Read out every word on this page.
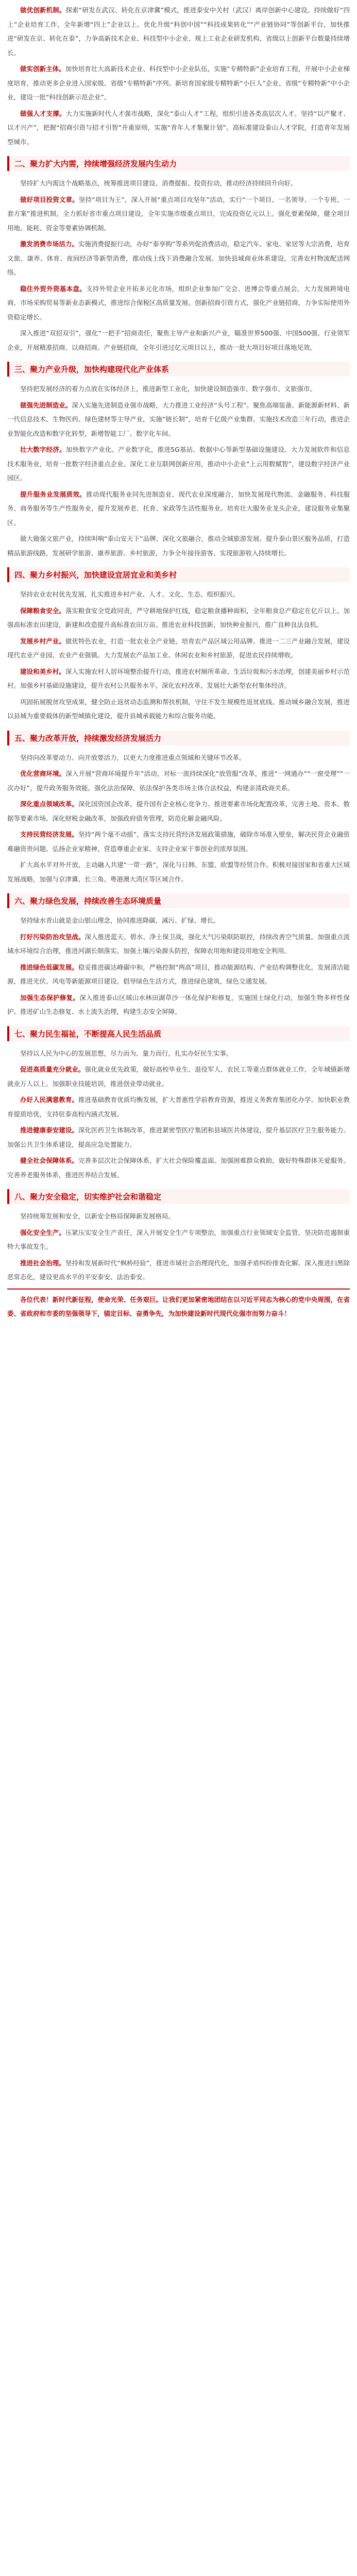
做优创新机制。探索“研发在武汉、转化在京津冀”模式，推进泰安中关村（武汉）离岸创新中心建设。持续做好“四上”企业培育工作，全年新增“四上”企业以上。优化升级“科创中国”“科技成果转化”“产业链协同”等创新平台，加快推进“研发在京、转化在泰”，力争高新技术企业、科技型中小企业、规上工业企业研发机构、省级以上创新平台数量持续增长。

做实创新主体。加快培育壮大高新技术企业、科技型中小企业队伍，实施“专精特新”企业培育工程，开展中小企业梯度培育，推动更多企业进入国家级、省级“专精特新”序列。新培育国家级专精特新“小巨人”企业、省级“专精特新”中小企业，建设一批“科技创新示范企业”。

做强人才支撑。大力实施新时代人才强市战略，深化“泰山人才”工程，组织引进各类高层次人才。坚持“以产聚才、以才兴产”，把握“招商引资与招才引智”并重原则，实施“青年人才集聚计划”。高标准建设泰山人才学院，打造青年发展型城市。

二、聚力扩大内需，持续增强经济发展内生动力

坚持扩大内需这个战略基点，统筹推进项目建设、消费提振、投资拉动，推动经济持续回升向好。

做好项目投资文章。坚持“项目为王”，深入开展“重点项目攻坚年”活动，实行“一个项目、一名领导、一个专班、一套方案”推进机制，全力抓好省市重点项目建设，全年实施市级重点项目，完成投资亿元以上。强化要素保障，健全项目用地、能耗、资金等要素协调机制。

激发消费市场活力。实施消费提振行动，办好“泰享购”等系列促消费活动，稳定汽车、家电、家居等大宗消费，培育文旅、康养、体育、夜间经济等新型消费，推动线上线下消费融合发展。加快县域商业体系建设，完善农村物流配送网络。

稳住外贸外资基本盘。支持外贸企业开拓多元化市场，组织企业参加广交会、进博会等重点展会。大力发展跨境电商、市场采购贸易等新业态新模式，推进综合保税区高质量发展。创新招商引资方式，强化产业链招商，力争实际使用外资稳定增长。

深入推进“双招双引”，强化“一把手”招商责任，聚焦主导产业和新兴产业，瞄准世界500强、中国500强、行业领军企业，开展精准招商、以商招商、产业链招商，全年引进过亿元项目以上，推动一批大项目好项目落地见效。

三、聚力产业升级，加快构建现代化产业体系

坚持把发展经济的着力点放在实体经济上，推进新型工业化，加快建设制造强市、数字强市、文旅强市。

做强先进制造业。深入实施先进制造业强市战略，大力推进工业经济“头号工程”。聚焦高端装备、新能源新材料、新一代信息技术、生物医药、绿色建材等主导产业，实施“链长制”，培育千亿级产业集群。实施技术改造三年行动，推进企业智能化改造和数字化转型，新增智能工厂、数字化车间。

壮大数字经济。加快数字产业化、产业数字化，推进5G基站、数据中心等新型基础设施建设。大力发展软件和信息技术服务业，培育一批数字经济重点企业。深化工业互联网创新应用，推动中小企业“上云用数赋智”，建设数字经济产业园区。

提升服务业发展质效。推动现代服务业同先进制造业、现代农业深度融合，加快发展现代物流、金融服务、科技服务、商务服务等生产性服务业，提升发展养老、托育、家政等生活性服务业。培育壮大服务业龙头企业，建设服务业集聚区。

做大做强文旅产业，持续叫响“泰山安天下”品牌，深化文旅融合，推动全域旅游发展。提升泰山景区服务品质，打造精品旅游线路，发展研学旅游、康养旅游、乡村旅游，力争全年接待游客、实现旅游收入持续增长。

四、聚力乡村振兴，加快建设宜居宜业和美乡村

坚持农业农村优先发展，扎实推进乡村产业、人才、文化、生态、组织振兴。

保障粮食安全。落实粮食安全党政同责，严守耕地保护红线，稳定粮食播种面积，全年粮食总产稳定在亿斤以上。加强高标准农田建设，新建和改造提升高标准农田万亩。推进农业科技创新，加快种业振兴，推广良种良法良机。

发展乡村产业。做优特色农业，打造一批农业全产业链，培育农产品区域公用品牌。推进一二三产业融合发展，建设现代农业产业园、农业产业强镇。大力发展农产品加工业、休闲农业和乡村旅游，促进农民持续增收。

建设和美乡村。深入实施农村人居环境整治提升行动，推进农村厕所革命、生活垃圾和污水治理，创建美丽乡村示范村。加强乡村基础设施建设，提升农村公共服务水平。深化农村改革，发展壮大新型农村集体经济。

巩固拓展脱贫攻坚成果，健全防止返贫动态监测和帮扶机制，守住不发生规模性返贫底线。推动城乡融合发展，推进以县城为重要载体的新型城镇化建设，提升县城承载能力和综合服务功能。

五、聚力改革开放，持续激发经济发展活力

坚持向改革要动力、向开放要活力，以更大力度推进重点领域和关键环节改革。

优化营商环境。深入开展“营商环境提升年”活动，对标一流持续深化“放管服”改革，推进“一网通办”“一窗受理”“一次办好”，提升政务服务效能。强化法治保障，依法保护各类市场主体合法权益，构建亲清政商关系。

深化重点领域改革。深化国资国企改革，提升国有企业核心竞争力。推进要素市场化配置改革，完善土地、资本、数据等要素市场。深化财税金融改革，加强政府债务管理，防范化解金融风险。

支持民营经济发展。坚持“两个毫不动摇”，落实支持民营经济发展政策措施，破除市场准入壁垒，解决民营企业融资难融资贵问题。弘扬企业家精神，营造尊重企业家、支持企业家干事创业的浓厚氛围。

扩大高水平对外开放，主动融入共建“一带一路”，深化与日韩、东盟、欧盟等经贸合作。积极对接国家和省重大区域发展战略，加强与京津冀、长三角、粤港澳大湾区等区域合作。

六、聚力绿色发展，持续改善生态环境质量

坚持绿水青山就是金山银山理念，协同推进降碳、减污、扩绿、增长。

打好污染防治攻坚战。深入推进蓝天、碧水、净土保卫战，强化大气污染联防联控，持续改善空气质量。加强重点流域水环境综合治理，推进河湖长制落实。加强土壤污染源头防控，保障农用地和建设用地安全利用。

推进绿色低碳发展。稳妥推进碳达峰碳中和，严格控制“两高”项目，推动能源结构、产业结构调整优化。发展清洁能源，推进光伏、风电等新能源项目建设。倡导绿色生活方式，推进绿色建筑、绿色交通发展。

加强生态保护修复。深入推进泰山区域山水林田湖草沙一体化保护和修复，实施国土绿化行动，加强生物多样性保护。推进矿山生态修复、水土流失治理，构建生态安全屏障。

七、聚力民生福祉，不断提高人民生活品质

坚持以人民为中心的发展思想，尽力而为、量力而行，扎实办好民生实事。

促进高质量充分就业。强化就业优先政策，做好高校毕业生、退役军人、农民工等重点群体就业工作，全年城镇新增就业万人以上。加强职业技能培训，推进创业带动就业。

办好人民满意教育。推进基础教育优质均衡发展，扩大普惠性学前教育资源，推进义务教育集团化办学。加快职业教育提质培优，支持驻泰高校内涵式发展。

推进健康泰安建设。深化医药卫生体制改革，推进紧密型医疗集团和县域医共体建设，提升基层医疗卫生服务能力。加强公共卫生体系建设，提高应急处置能力。

健全社会保障体系。完善多层次社会保障体系，扩大社会保险覆盖面。加强困难群众救助，做好特殊群体关爱服务。完善养老服务体系，推进医养结合发展。

八、聚力安全稳定，切实维护社会和谐稳定

坚持统筹发展和安全，以新安全格局保障新发展格局。

强化安全生产。压紧压实安全生产责任，深入开展安全生产专项整治，加强重点行业领域安全监管，坚决防范遏制重特大事故发生。

推进社会治理。坚持和发展新时代“枫桥经验”，推进市域社会治理现代化，加强矛盾纠纷排查化解。深入推进扫黑除恶常态化，建设更高水平的平安泰安、法治泰安。

各位代表！新时代新征程，使命光荣、任务艰巨。让我们更加紧密地团结在以习近平同志为核心的党中央周围，在省委、省政府和市委的坚强领导下，锚定目标、奋勇争先，为加快建设新时代现代化强市而努力奋斗！
